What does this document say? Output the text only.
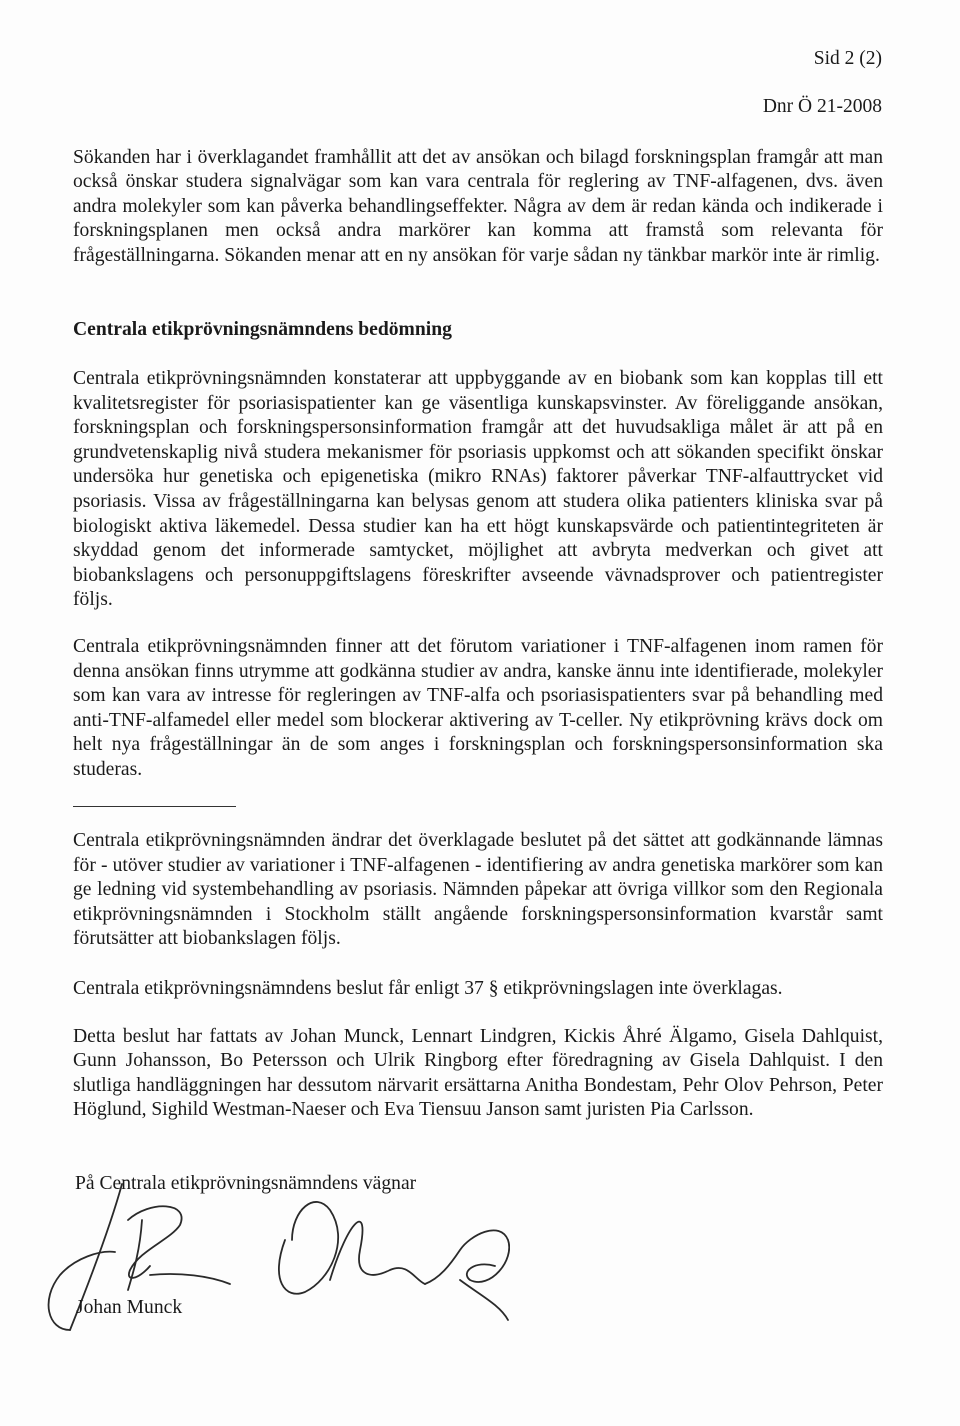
Sid 2 (2)
Dnr Ö 21-2008
Sökanden har i överklagandet framhållit att det av ansökan och bilagd forskningsplan framgår att man också önskar studera signalvägar som kan vara centrala för reglering av TNF-alfagenen, dvs. även andra molekyler som kan påverka behandlingseffekter. Några av dem är redan kända och indikerade i forskningsplanen men också andra markörer kan komma att framstå som relevanta för frågeställningarna. Sökanden menar att en ny ansökan för varje sådan ny tänkbar markör inte är rimlig.
Centrala etikprövningsnämndens bedömning
Centrala etikprövningsnämnden konstaterar att uppbyggande av en biobank som kan kopplas till ett kvalitetsregister för psoriasispatienter kan ge väsentliga kunskapsvinster. Av föreliggande ansökan, forskningsplan och forskningspersonsinformation framgår att det huvudsakliga målet är att på en grundvetenskaplig nivå studera mekanismer för psoriasis uppkomst och att sökanden specifikt önskar undersöka hur genetiska och epigenetiska (mikro RNAs) faktorer påverkar TNF-alfauttrycket vid psoriasis. Vissa av frågeställningarna kan belysas genom att studera olika patienters kliniska svar på biologiskt aktiva läkemedel. Dessa studier kan ha ett högt kunskapsvärde och patientintegriteten är skyddad genom det informerade samtycket, möjlighet att avbryta medverkan och givet att biobankslagens och personuppgiftslagens föreskrifter avseende vävnadsprover och patientregister följs.
Centrala etikprövningsnämnden finner att det förutom variationer i TNF-alfagenen inom ramen för denna ansökan finns utrymme att godkänna studier av andra, kanske ännu inte identifierade, molekyler som kan vara av intresse för regleringen av TNF-alfa och psoriasispatienters svar på behandling med anti-TNF-alfamedel eller medel som blockerar aktivering av T-celler. Ny etikprövning krävs dock om helt nya frågeställningar än de som anges i forskningsplan och forskningspersonsinformation ska studeras.
Centrala etikprövningsnämnden ändrar det överklagade beslutet på det sättet att godkännande lämnas för - utöver studier av variationer i TNF-alfagenen - identifiering av andra genetiska markörer som kan ge ledning vid systembehandling av psoriasis. Nämnden påpekar att övriga villkor som den Regionala etikprövningsnämnden i Stockholm ställt angående forskningspersonsinformation kvarstår samt förutsätter att biobankslagen följs.
Centrala etikprövningsnämndens beslut får enligt 37 § etikprövningslagen inte överklagas.
Detta beslut har fattats av Johan Munck, Lennart Lindgren, Kickis Åhré Älgamo, Gisela Dahlquist, Gunn Johansson, Bo Petersson och Ulrik Ringborg efter föredragning av Gisela Dahlquist. I den slutliga handläggningen har dessutom närvarit ersättarna Anitha Bondestam, Pehr Olov Pehrson, Peter Höglund, Sighild Westman-Naeser och Eva Tiensuu Janson samt juristen Pia Carlsson.
På Centrala etikprövningsnämndens vägnar
Johan Munck
